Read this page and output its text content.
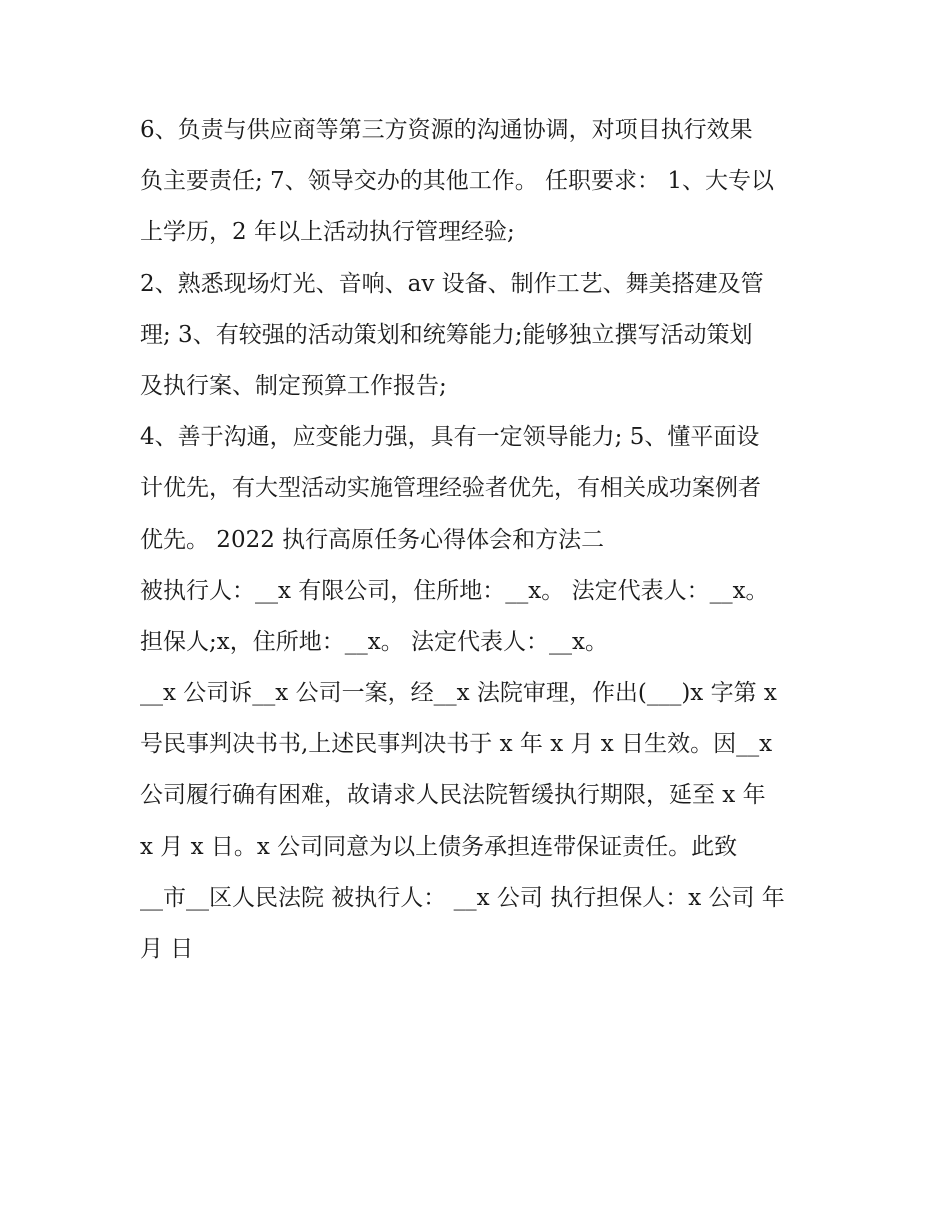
6、负责与供应商等第三方资源的沟通协调，对项目执行效果
负主要责任; 7、领导交办的其他工作。 任职要求： 1、大专以
上学历，2 年以上活动执行管理经验;
2、熟悉现场灯光、音响、av 设备、制作工艺、舞美搭建及管
理; 3、有较强的活动策划和统筹能力;能够独立撰写活动策划
及执行案、制定预算工作报告;
4、善于沟通，应变能力强，具有一定领导能力; 5、懂平面设
计优先，有大型活动实施管理经验者优先，有相关成功案例者
优先。 2022 执行高原任务心得体会和方法二
被执行人：__x 有限公司，住所地：__x。 法定代表人：__x。
担保人;x，住所地：__x。 法定代表人：__x。
__x 公司诉__x 公司一案，经__x 法院审理，作出(___)x 字第 x
号民事判决书书,上述民事判决书于 x 年 x 月 x 日生效。因__x
公司履行确有困难，故请求人民法院暂缓执行期限，延至 x 年
x 月 x 日。x 公司同意为以上债务承担连带保证责任。此致
__市__区人民法院 被执行人： __x 公司 执行担保人：x 公司 年
月 日
